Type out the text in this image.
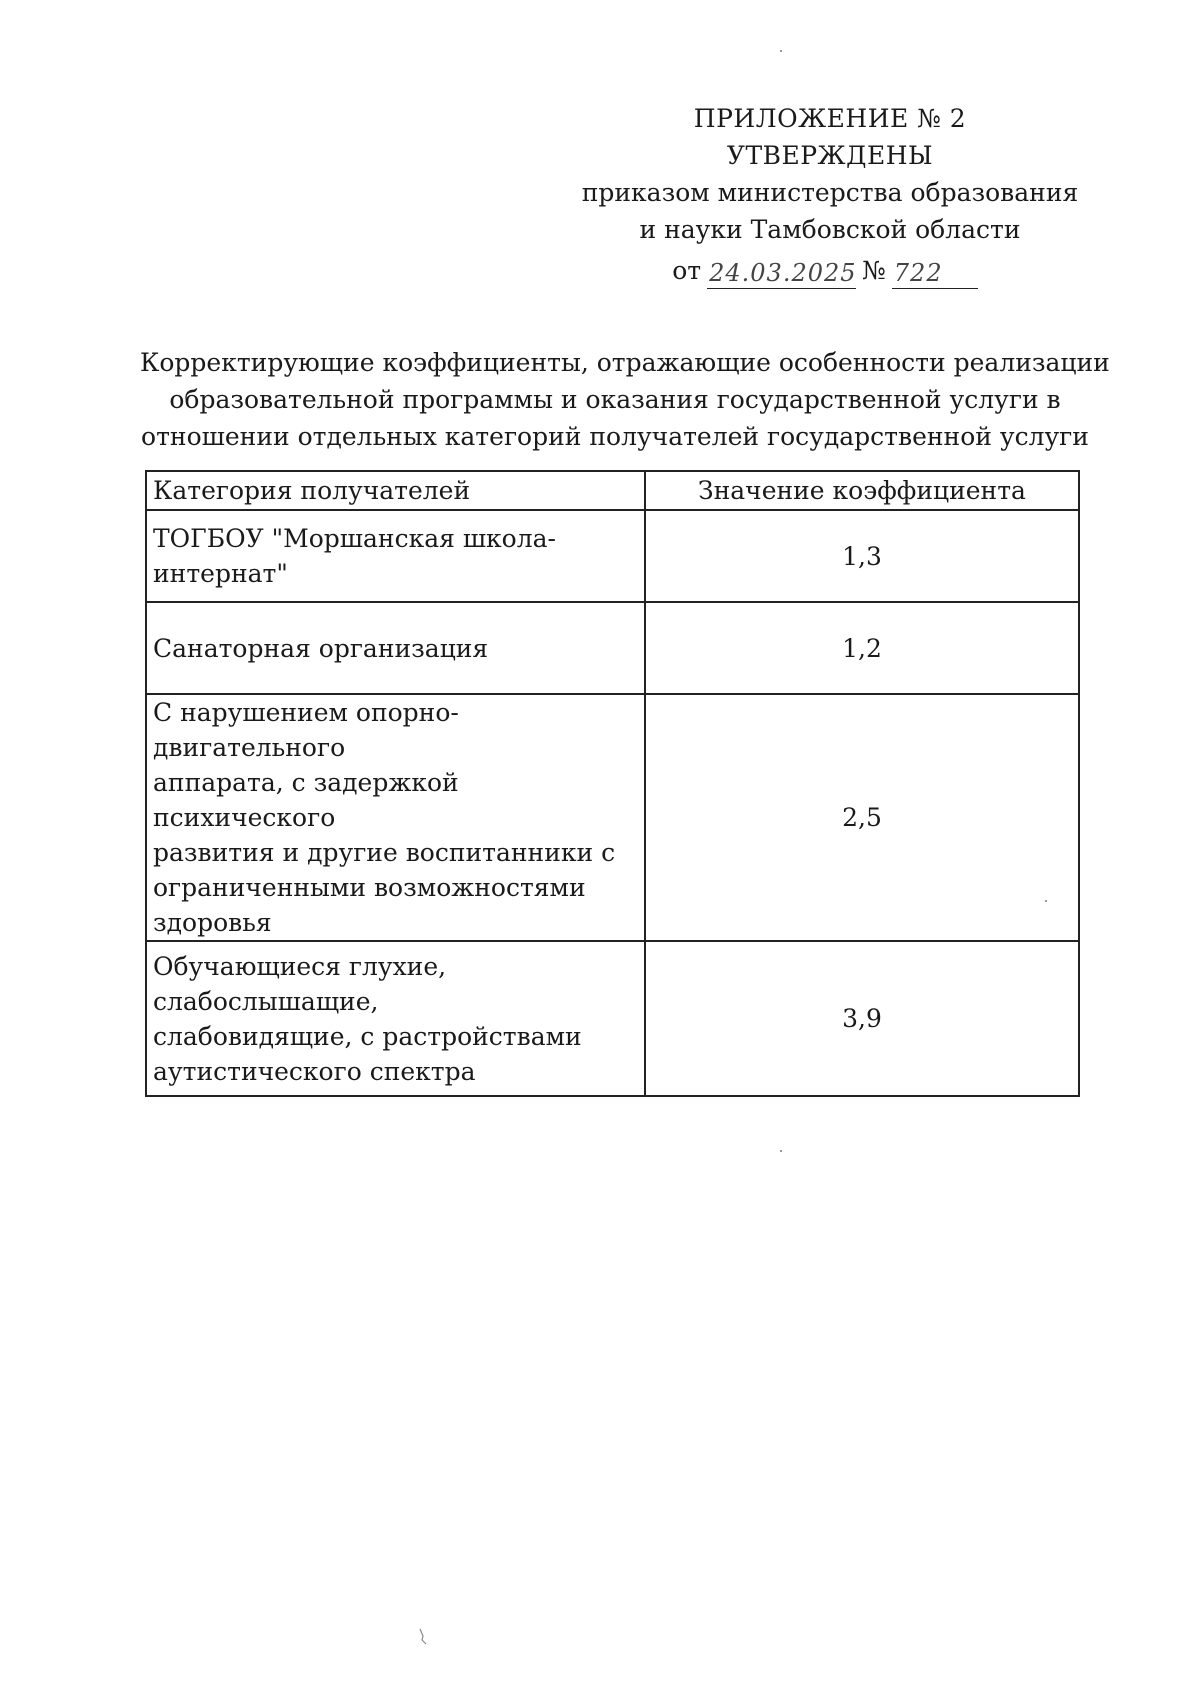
ПРИЛОЖЕНИЕ № 2
УТВЕРЖДЕНЫ
приказом министерства образования
и науки Тамбовской области
от 24.03.2025 № 722
Корректирующие коэффициенты, отражающие особенности реализации
образовательной программы и оказания государственной услуги в
отношении отдельных категорий получателей государственной услуги
Категория получателей	Значение коэффициента

ТОГБОУ "Моршанская школа-
интернат"	1,3

Санаторная организация	1,2

С нарушением опорно-двигательного
аппарата, с задержкой психического
развития и другие воспитанники с
ограниченными возможностями
здоровья	2,5

Обучающиеся глухие, слабослышащие,
слабовидящие, с растройствами
аутистического спектра	3,9
